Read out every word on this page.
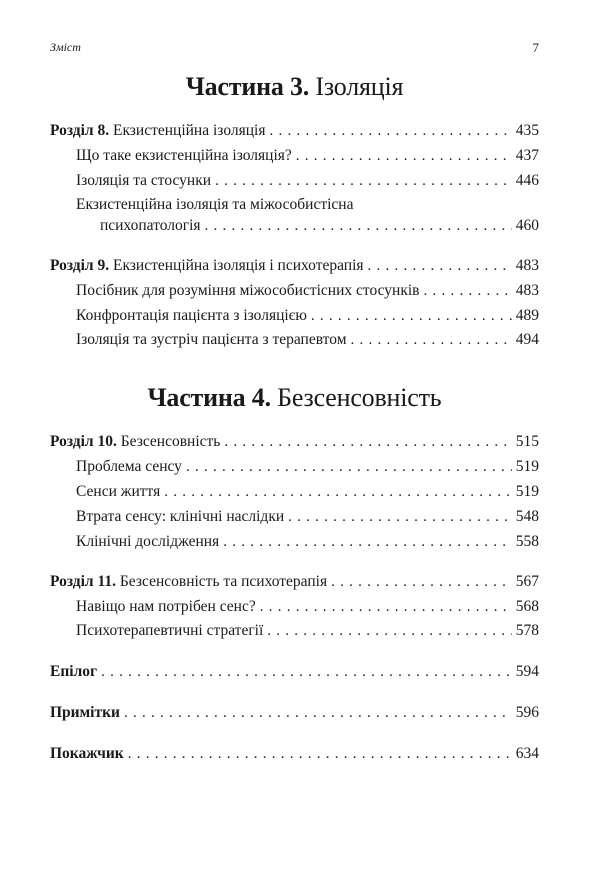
Зміст	7
Частина 3. Ізоляція
Розділ 8. Екзистенційна ізоляція . . .	435
Що таке екзистенційна ізоляція? . . .	437
Ізоляція та стосунки . . .	446
Екзистенційна ізоляція та міжособистісна
психопатологія . . .	460
Розділ 9. Екзистенційна ізоляція і психотерапія . . .	483
Посібник для розуміння міжособистісних стосунків . . .	483
Конфронтація пацієнта з ізоляцією . . .	489
Ізоляція та зустріч пацієнта з терапевтом . . .	494
Частина 4. Безсенсовність
Розділ 10. Безсенсовність . . .	515
Проблема сенсу . . .	519
Сенси життя . . .	519
Втрата сенсу: клінічні наслідки . . .	548
Клінічні дослідження . . .	558
Розділ 11. Безсенсовність та психотерапія . . .	567
Навіщо нам потрібен сенс? . . .	568
Психотерапевтичні стратегії . . .	578
Епілог . . .	594
Примітки . . .	596
Покажчик . . .	634
